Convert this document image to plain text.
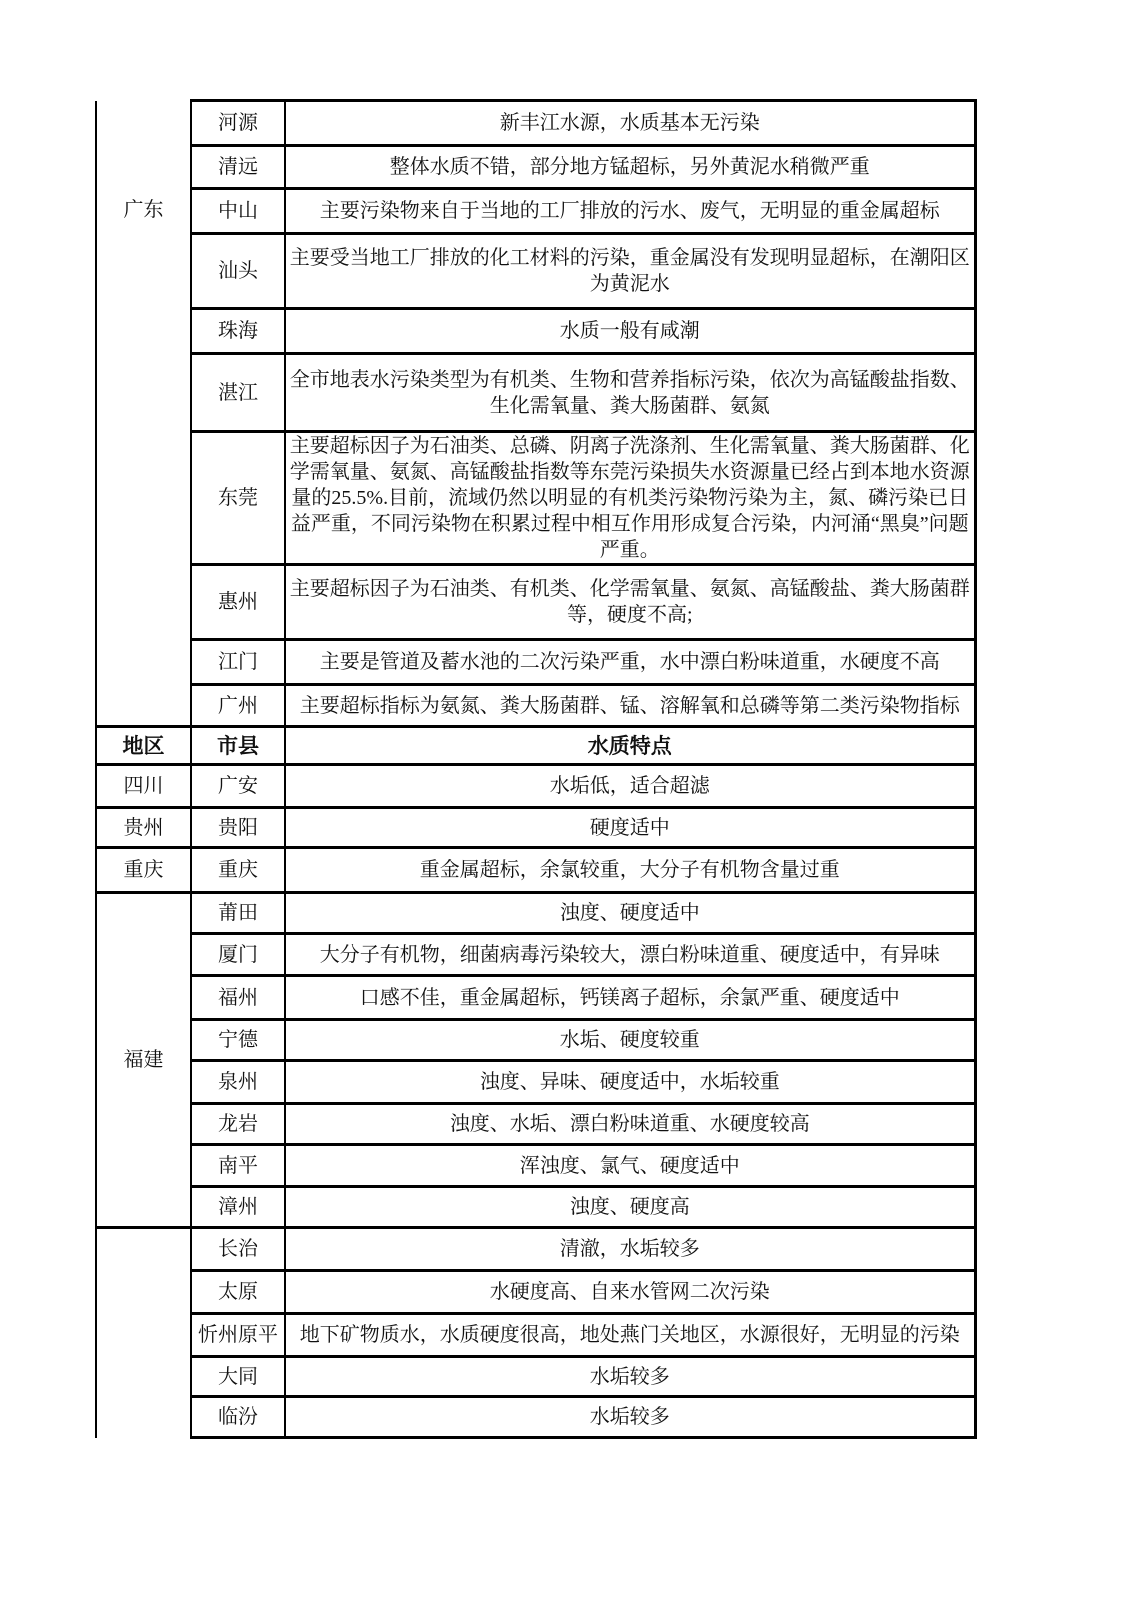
广东	河源	新丰江水源，水质基本无污染
	清远	整体水质不错，部分地方锰超标，另外黄泥水稍微严重
	中山	主要污染物来自于当地的工厂排放的污水、废气，无明显的重金属超标
	汕头	主要受当地工厂排放的化工材料的污染，重金属没有发现明显超标，在潮阳区为黄泥水
	珠海	水质一般有咸潮
	湛江	全市地表水污染类型为有机类、生物和营养指标污染，依次为高锰酸盐指数、生化需氧量、粪大肠菌群、氨氮
	东莞	主要超标因子为石油类、总磷、阴离子洗涤剂、生化需氧量、粪大肠菌群、化学需氧量、氨氮、高锰酸盐指数等东莞污染损失水资源量已经占到本地水资源量的25.5%.目前，流域仍然以明显的有机类污染物污染为主，氮、磷污染已日益严重，不同污染物在积累过程中相互作用形成复合污染，内河涌“黑臭”问题严重。
	惠州	主要超标因子为石油类、有机类、化学需氧量、氨氮、高锰酸盐、粪大肠菌群等，硬度不高;
	江门	主要是管道及蓄水池的二次污染严重，水中漂白粉味道重，水硬度不高
	广州	主要超标指标为氨氮、粪大肠菌群、锰、溶解氧和总磷等第二类污染物指标
地区	市县	水质特点
四川	广安	水垢低，适合超滤
贵州	贵阳	硬度适中
重庆	重庆	重金属超标，余氯较重，大分子有机物含量过重
福建	莆田	浊度、硬度适中
	厦门	大分子有机物，细菌病毒污染较大，漂白粉味道重、硬度适中，有异味
	福州	口感不佳，重金属超标，钙镁离子超标，余氯严重、硬度适中
	宁德	水垢、硬度较重
	泉州	浊度、异味、硬度适中，水垢较重
	龙岩	浊度、水垢、漂白粉味道重、水硬度较高
	南平	浑浊度、氯气、硬度适中
	漳州	浊度、硬度高
	长治	清澈，水垢较多
	太原	水硬度高、自来水管网二次污染
	忻州原平	地下矿物质水，水质硬度很高，地处燕门关地区，水源很好，无明显的污染
	大同	水垢较多
	临汾	水垢较多
